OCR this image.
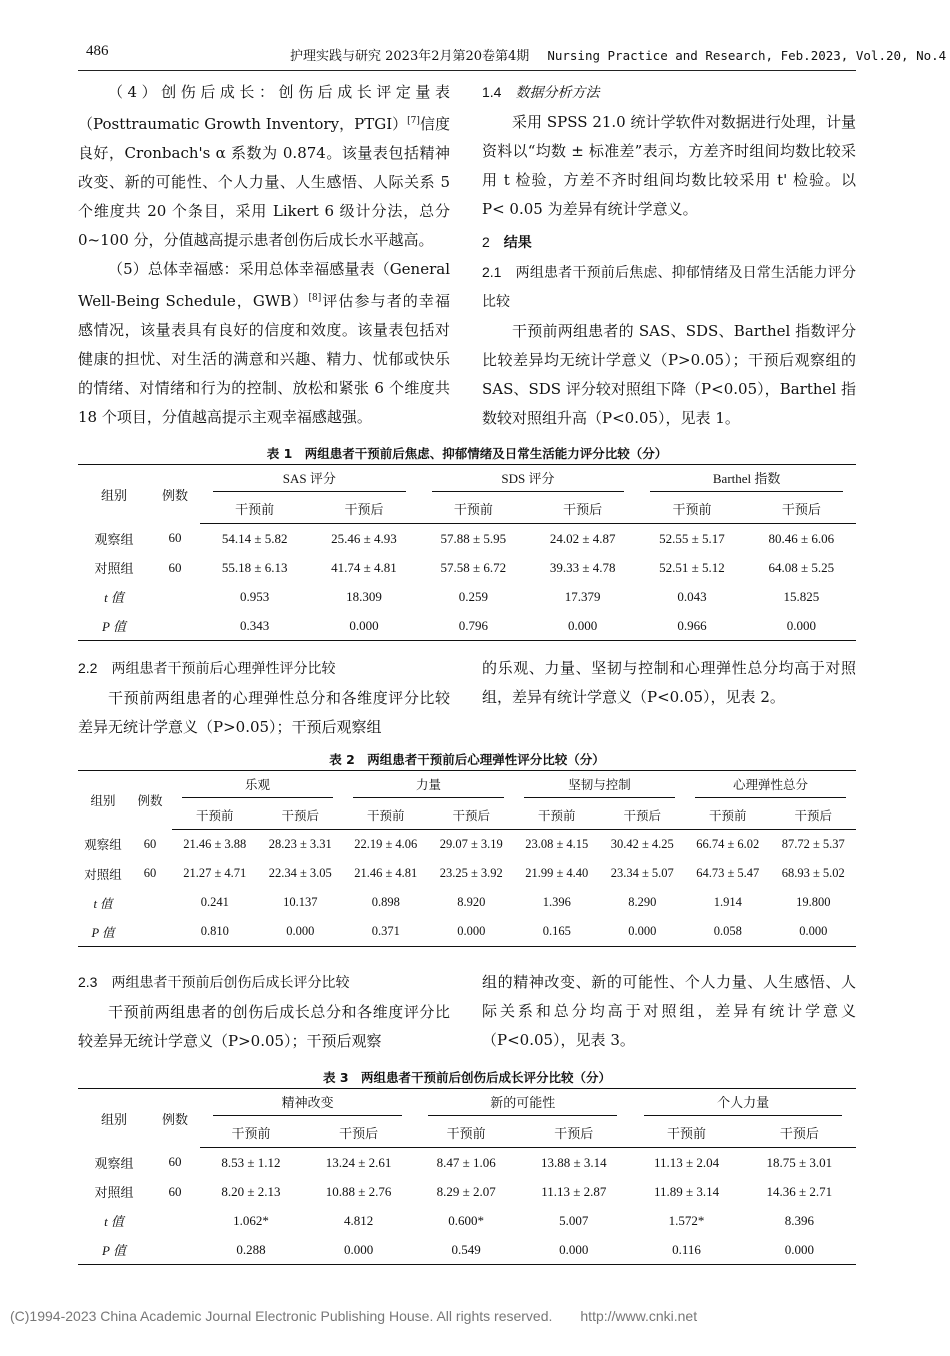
486	护理实践与研究 2023年2月第20卷第4期 Nursing Practice and Research, Feb.2023, Vol.20, No.4

（4）创伤后成长：创伤后成长评定量表（Posttraumatic Growth Inventory，PTGI）[7]信度良好，Cronbach's α 系数为 0.874。该量表包括精神改变、新的可能性、个人力量、人生感悟、人际关系 5 个维度共 20 个条目，采用 Likert 6 级计分法，总分 0~100 分，分值越高提示患者创伤后成长水平越高。

（5）总体幸福感：采用总体幸福感量表（General Well-Being Schedule，GWB）[8]评估参与者的幸福感情况，该量表具有良好的信度和效度。该量表包括对健康的担忧、对生活的满意和兴趣、精力、忧郁或快乐的情绪、对情绪和行为的控制、放松和紧张 6 个维度共 18 个项目，分值越高提示主观幸福感越强。

1.4 数据分析方法

采用 SPSS 21.0 统计学软件对数据进行处理，计量资料以“均数 ± 标准差”表示，方差齐时组间均数比较采用 t 检验，方差不齐时组间均数比较采用 t' 检验。以 P< 0.05 为差异有统计学意义。

2 结果
2.1 两组患者干预前后焦虑、抑郁情绪及日常生活能力评分比较

干预前两组患者的 SAS、SDS、Barthel 指数评分比较差异均无统计学意义（P>0.05）；干预后观察组的 SAS、SDS 评分较对照组下降（P<0.05），Barthel 指数较对照组升高（P<0.05），见表 1。

表 1　两组患者干预前后焦虑、抑郁情绪及日常生活能力评分比较（分）
组别	例数	SAS 评分		SDS 评分		Barthel 指数	
		干预前	干预后	干预前	干预后	干预前	干预后
观察组	60	54.14 ± 5.82	25.46 ± 4.93	57.88 ± 5.95	24.02 ± 4.87	52.55 ± 5.17	80.46 ± 6.06
对照组	60	55.18 ± 6.13	41.74 ± 4.81	57.58 ± 6.72	39.33 ± 4.78	52.51 ± 5.12	64.08 ± 5.25
t 值		0.953	18.309	0.259	17.379	0.043	15.825
P 值		0.343	0.000	0.796	0.000	0.966	0.000
2.2 两组患者干预前后心理弹性评分比较

干预前两组患者的心理弹性总分和各维度评分比较差异无统计学意义（P>0.05）；干预后观察组

的乐观、力量、坚韧与控制和心理弹性总分均高于对照组，差异有统计学意义（P<0.05），见表 2。

表 2　两组患者干预前后心理弹性评分比较（分）
组别	例数	乐观		力量		坚韧与控制		心理弹性总分	
		干预前	干预后	干预前	干预后	干预前	干预后	干预前	干预后
观察组	60	21.46 ± 3.88	28.23 ± 3.31	22.19 ± 4.06	29.07 ± 3.19	23.08 ± 4.15	30.42 ± 4.25	66.74 ± 6.02	87.72 ± 5.37
对照组	60	21.27 ± 4.71	22.34 ± 3.05	21.46 ± 4.81	23.25 ± 3.92	21.99 ± 4.40	23.34 ± 5.07	64.73 ± 5.47	68.93 ± 5.02
t 值		0.241	10.137	0.898	8.920	1.396	8.290	1.914	19.800
P 值		0.810	0.000	0.371	0.000	0.165	0.000	0.058	0.000
2.3 两组患者干预前后创伤后成长评分比较

干预前两组患者的创伤后成长总分和各维度评分比较差异无统计学意义（P>0.05）；干预后观察

组的精神改变、新的可能性、个人力量、人生感悟、人际关系和总分均高于对照组，差异有统计学意义（P<0.05），见表 3。

表 3　两组患者干预前后创伤后成长评分比较（分）
组别	例数	精神改变		新的可能性		个人力量	
		干预前	干预后	干预前	干预后	干预前	干预后
观察组	60	8.53 ± 1.12	13.24 ± 2.61	8.47 ± 1.06	13.88 ± 3.14	11.13 ± 2.04	18.75 ± 3.01
对照组	60	8.20 ± 2.13	10.88 ± 2.76	8.29 ± 2.07	11.13 ± 2.87	11.89 ± 3.14	14.36 ± 2.71
t 值		1.062*	4.812	0.600*	5.007	1.572*	8.396
P 值		0.288	0.000	0.549	0.000	0.116	0.000
(C)1994-2023 China Academic Journal Electronic Publishing House. All rights reserved.　　http://www.cnki.net
